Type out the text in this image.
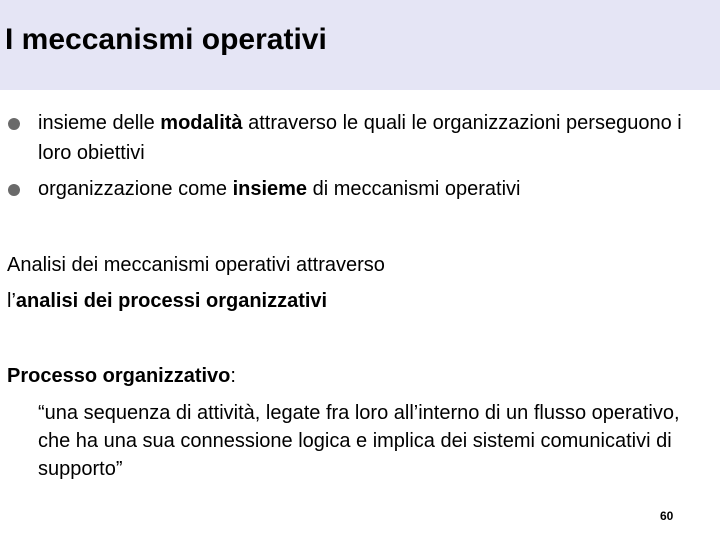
I meccanismi operativi
insieme delle modalità attraverso le quali le organizzazioni perseguono i loro obiettivi
organizzazione come insieme di meccanismi operativi

Analisi dei meccanismi operativi attraverso

l’analisi dei processi organizzativi

Processo organizzativo:

“una sequenza di attività, legate fra loro all’interno di un flusso operativo, che ha una sua connessione logica e implica dei sistemi comunicativi di supporto”

60
